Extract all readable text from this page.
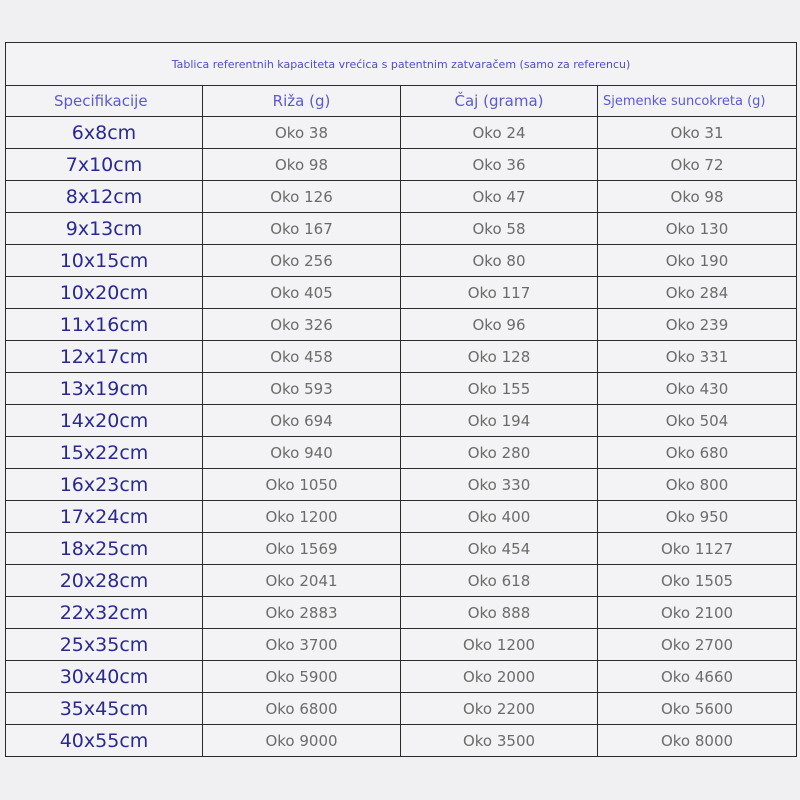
Tablica referentnih kapaciteta vrećica s patentnim zatvaračem (samo za referencu)			
Specifikacije	Riža (g)	Čaj (grama)	Sjemenke suncokreta (g)
6x8cm	Oko 38	Oko 24	Oko 31
7x10cm	Oko 98	Oko 36	Oko 72
8x12cm	Oko 126	Oko 47	Oko 98
9x13cm	Oko 167	Oko 58	Oko 130
10x15cm	Oko 256	Oko 80	Oko 190
10x20cm	Oko 405	Oko 117	Oko 284
11x16cm	Oko 326	Oko 96	Oko 239
12x17cm	Oko 458	Oko 128	Oko 331
13x19cm	Oko 593	Oko 155	Oko 430
14x20cm	Oko 694	Oko 194	Oko 504
15x22cm	Oko 940	Oko 280	Oko 680
16x23cm	Oko 1050	Oko 330	Oko 800
17x24cm	Oko 1200	Oko 400	Oko 950
18x25cm	Oko 1569	Oko 454	Oko 1127
20x28cm	Oko 2041	Oko 618	Oko 1505
22x32cm	Oko 2883	Oko 888	Oko 2100
25x35cm	Oko 3700	Oko 1200	Oko 2700
30x40cm	Oko 5900	Oko 2000	Oko 4660
35x45cm	Oko 6800	Oko 2200	Oko 5600
40x55cm	Oko 9000	Oko 3500	Oko 8000
